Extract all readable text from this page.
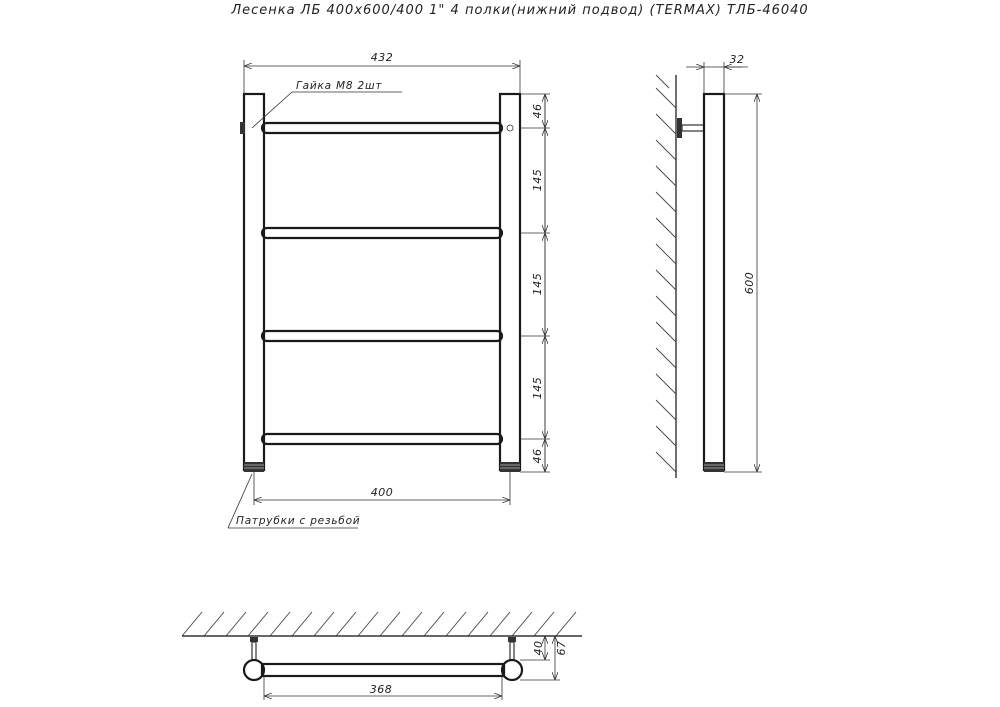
Лесенка ЛБ 400х600/400 1" 4 полки(нижний подвод) (TERMAX) ТЛБ-46040
432
Гайка М8 2шт
400
Патрубки с резьбой
46
145
145
145
46
32
600
368
40 67
